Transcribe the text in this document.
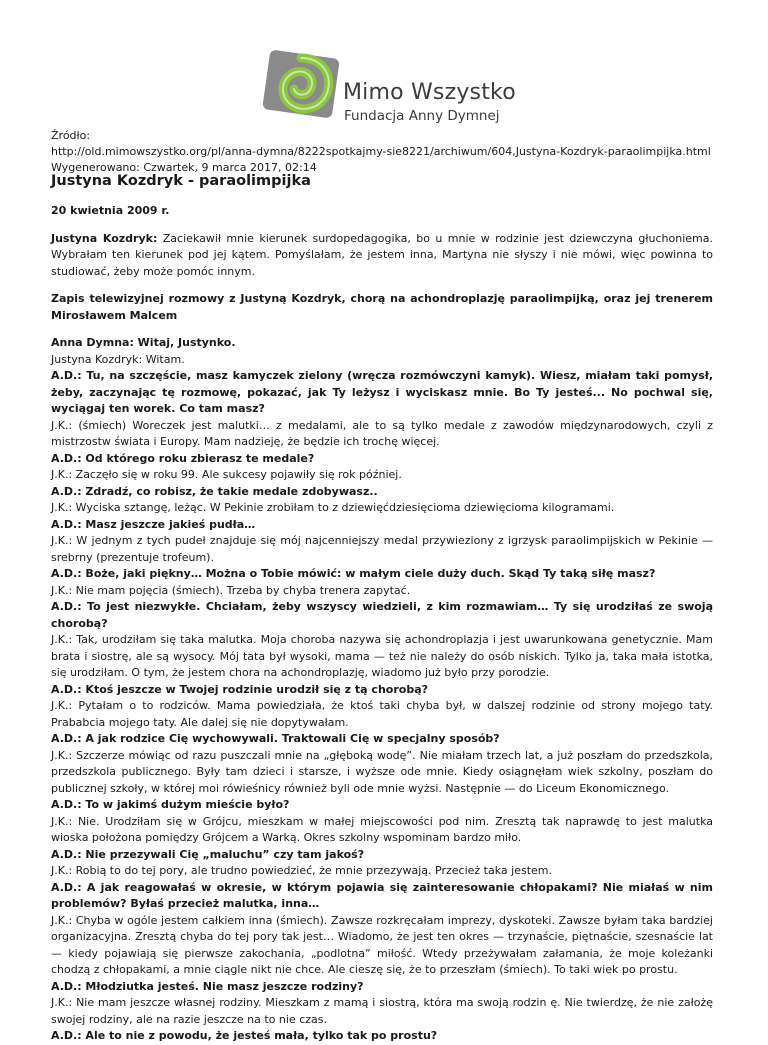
Mimo Wszystko
Fundacja Anny Dymnej
Źródło:
http://old.mimowszystko.org/pl/anna-dymna/8222spotkajmy-sie8221/archiwum/604,Justyna-Kozdryk-paraolimpijka.html
Wygenerowano: Czwartek, 9 marca 2017, 02:14
Justyna Kozdryk - paraolimpijka

20 kwietnia 2009 r.

Justyna Kozdryk: Zaciekawił mnie kierunek surdopedagogika, bo u mnie w rodzinie jest dziewczyna głuchoniema. Wybrałam ten kierunek pod jej kątem. Pomyślałam, że jestem inna, Martyna nie słyszy i nie mówi, więc powinna to studiować, żeby może pomóc innym.

Zapis telewizyjnej rozmowy z Justyną Kozdryk, chorą na achondroplazję paraolimpijką, oraz jej trenerem Mirosławem Malcem

Anna Dymna: Witaj, Justynko.

Justyna Kozdryk: Witam.

A.D.: Tu, na szczęście, masz kamyczek zielony (wręcza rozmówczyni kamyk). Wiesz, miałam taki pomysł, żeby, zaczynając tę rozmowę, pokazać, jak Ty leżysz i wyciskasz mnie. Bo Ty jesteś... No pochwal się, wyciągaj ten worek. Co tam masz?

J.K.: (śmiech) Woreczek jest malutki… z medalami, ale to są tylko medale z zawodów międzynarodowych, czyli z mistrzostw świata i Europy. Mam nadzieję, że będzie ich trochę więcej.

A.D.: Od którego roku zbierasz te medale?

J.K.: Zaczęło się w roku 99. Ale sukcesy pojawiły się rok później.

A.D.: Zdradź, co robisz, że takie medale zdobywasz..

J.K.: Wyciska sztangę, leżąc. W Pekinie zrobiłam to z dziewięćdziesięcioma dziewięcioma kilogramami.

A.D.: Masz jeszcze jakieś pudła…

J.K.: W jednym z tych pudeł znajduje się mój najcenniejszy medal przywieziony z igrzysk paraolimpijskich w Pekinie —srebrny (prezentuje trofeum).

A.D.: Boże, jaki piękny… Można o Tobie mówić: w małym ciele duży duch. Skąd Ty taką siłę masz?

J.K.: Nie mam pojęcia (śmiech). Trzeba by chyba trenera zapytać.

A.D.: To jest niezwykłe. Chciałam, żeby wszyscy wiedzieli, z kim rozmawiam… Ty się urodziłaś ze swoją chorobą?

J.K.: Tak, urodziłam się taka malutka. Moja choroba nazywa się achondroplazja i jest uwarunkowana genetycznie. Mam brata i siostrę, ale są wysocy. Mój tata był wysoki, mama — też nie należy do osób niskich. Tylko ja, taka mała istotka, się urodziłam. O tym, że jestem chora na achondroplazję, wiadomo już było przy porodzie.

A.D.: Ktoś jeszcze w Twojej rodzinie urodził się z tą chorobą?

J.K.: Pytałam o to rodziców. Mama powiedziała, że ktoś taki chyba był, w dalszej rodzinie od strony mojego taty. Prababcia mojego taty. Ale dalej się nie dopytywałam.

A.D.: A jak rodzice Cię wychowywali. Traktowali Cię w specjalny sposób?

J.K.: Szczerze mówiąc od razu puszczali mnie na „głęboką wodę”. Nie miałam trzech lat, a już poszłam do przedszkola, przedszkola publicznego. Były tam dzieci i starsze, i wyższe ode mnie. Kiedy osiągnęłam wiek szkolny, poszłam do publicznej szkoły, w której moi rówieśnicy również byli ode mnie wyżsi. Następnie — do Liceum Ekonomicznego.

A.D.: To w jakimś dużym mieście było?

J.K.: Nie. Urodziłam się w Grójcu, mieszkam w małej miejscowości pod nim. Zresztą tak naprawdę to jest malutka wioska położona pomiędzy Grójcem a Warką. Okres szkolny wspominam bardzo miło.

A.D.: Nie przezywali Cię „maluchu” czy tam jakoś?

J.K.: Robią to do tej pory, ale trudno powiedzieć, że mnie przezywają. Przecież taka jestem.

A.D.: A jak reagowałaś w okresie, w którym pojawia się zainteresowanie chłopakami? Nie miałaś w nim problemów? Byłaś przecież malutka, inna…

J.K.: Chyba w ogóle jestem całkiem inna (śmiech). Zawsze rozkręcałam imprezy, dyskoteki. Zawsze byłam taka bardziej organizacyjna. Zresztą chyba do tej pory tak jest… Wiadomo, że jest ten okres — trzynaście, piętnaście, szesnaście lat — kiedy pojawiają się pierwsze zakochania, „podlotna” miłość. Wtedy przeżywałam załamania, że moje koleżanki chodzą z chłopakami, a mnie ciągle nikt nie chce. Ale cieszę się, że to przeszłam (śmiech). To taki wiek po prostu.

A.D.: Młodziutka jesteś. Nie masz jeszcze rodziny?

J.K.: Nie mam jeszcze własnej rodziny. Mieszkam z mamą i siostrą, która ma swoją rodzin ę. Nie twierdzę, że nie założę swojej rodziny, ale na razie jeszcze na to nie czas.

A.D.: Ale to nie z powodu, że jesteś mała, tylko tak po prostu?
